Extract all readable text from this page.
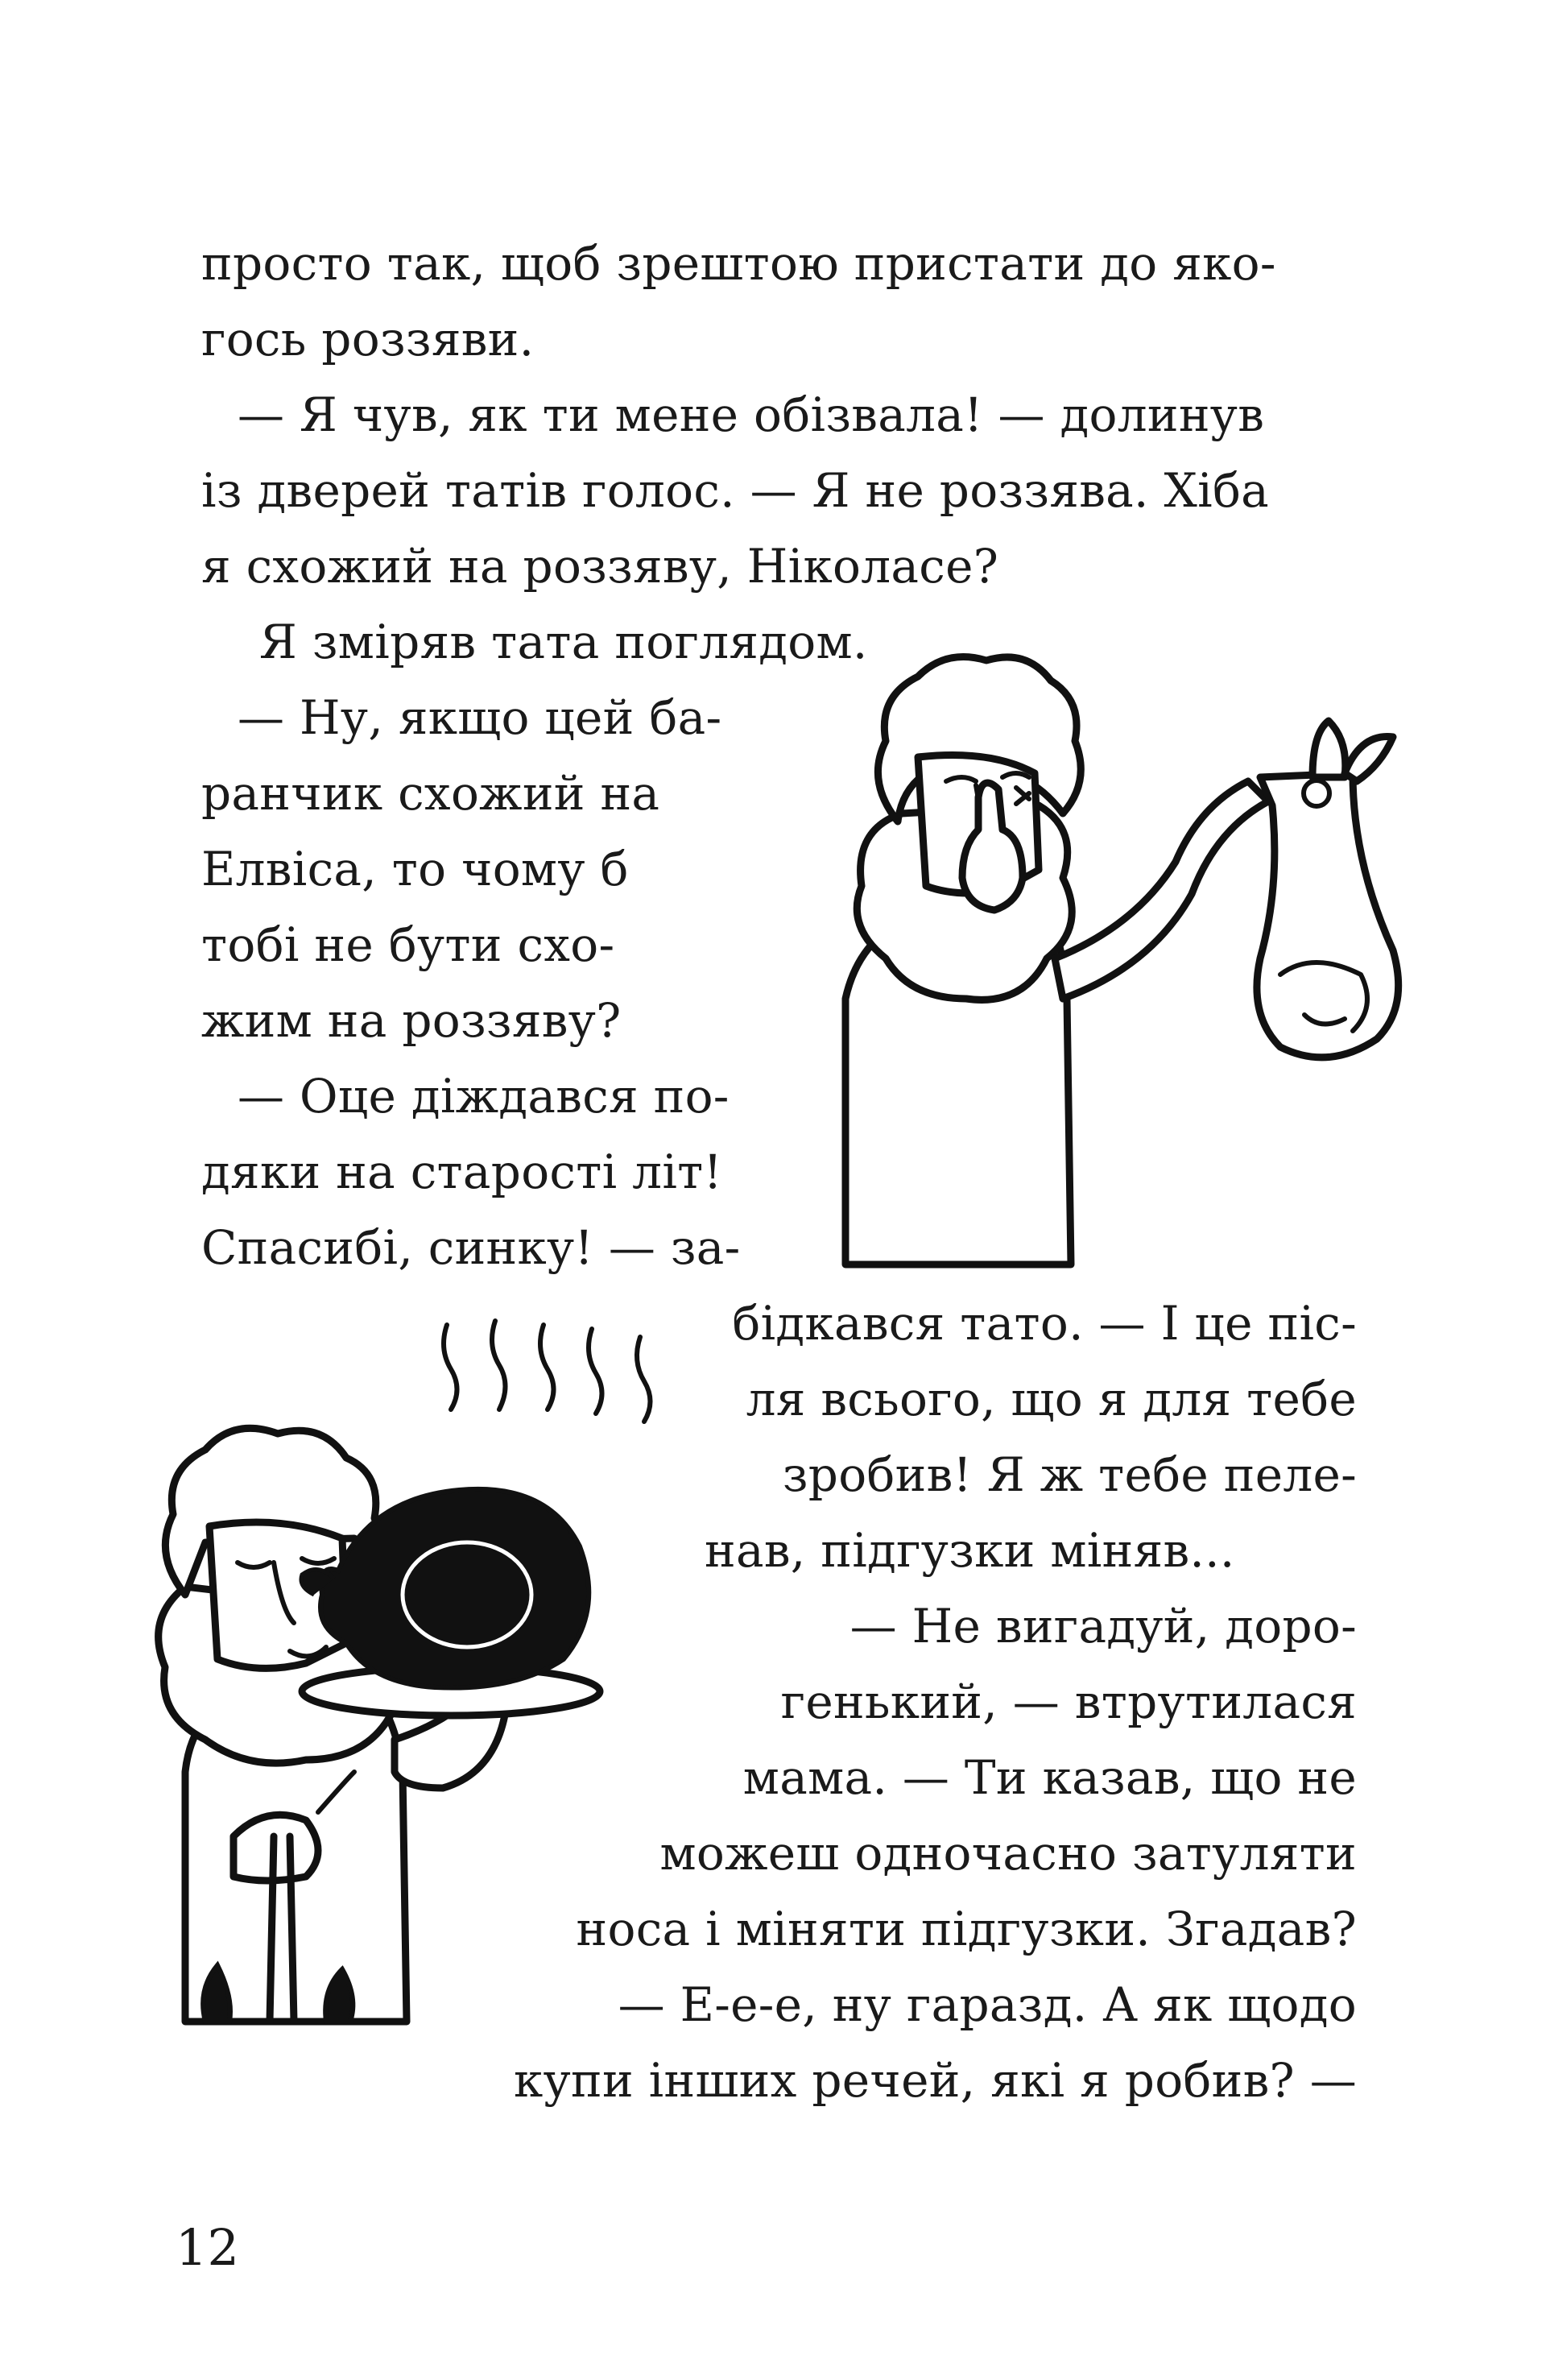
просто так, щоб зрештою пристати до яко-
гось роззяви.
— Я чув, як ти мене обізвала! — долинув
із дверей татів голос. — Я не роззява. Хіба
я схожий на роззяву, Ніколасе?
Я зміряв тата поглядом.
— Ну, якщо цей ба-
ранчик схожий на
Елвіса, то чому б
тобі не бути схо-
жим на роззяву?
— Оце діждався по-
дяки на старості літ!
Спасибі, синку! — за-
бідкався тато. — І це піс-
ля всього, що я для тебе
зробив! Я ж тебе пеле-
нав, підгузки міняв...
— Не вигадуй, доро-
генький, — втрутилася
мама. — Ти казав, що не
можеш одночасно затуляти
носа і міняти підгузки. Згадав?
— Е-е-е, ну гаразд. А як щодо
купи інших речей, які я робив? —
12
